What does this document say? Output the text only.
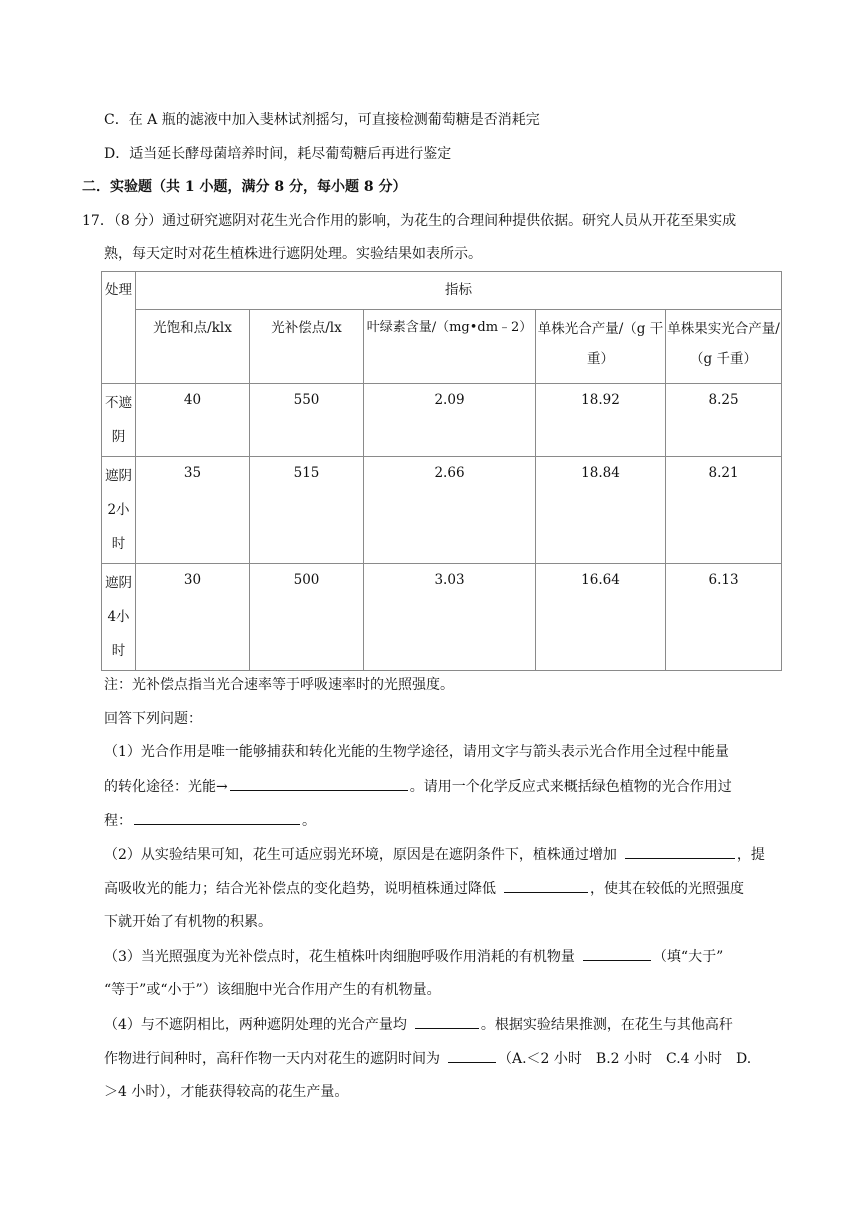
C．在 A 瓶的滤液中加入斐林试剂摇匀，可直接检测葡萄糖是否消耗完
D．适当延长酵母菌培养时间，耗尽葡萄糖后再进行鉴定
二．实验题（共 1 小题，满分 8 分，每小题 8 分）
17．（8 分）通过研究遮阴对花生光合作用的影响，为花生的合理间种提供依据。研究人员从开花至果实成
熟，每天定时对花生植株进行遮阴处理。实验结果如表所示。
处理	指标				
	光饱和点/klx	光补偿点/lx	叶绿素含量/（mg•dm﹣2）	单株光合产量/（g 干重）	单株果实光合产量/（g 千重）
不遮阴	40	550	2.09	18.92	8.25
遮阴2小时	35	515	2.66	18.84	8.21
遮阴4小时	30	500	3.03	16.64	6.13
注：光补偿点指当光合速率等于呼吸速率时的光照强度。
回答下列问题：
（1）光合作用是唯一能够捕获和转化光能的生物学途径，请用文字与箭头表示光合作用全过程中能量
的转化途径：光能→	。请用一个化学反应式来概括绿色植物的光合作用过
程：	。
（2）从实验结果可知，花生可适应弱光环境，原因是在遮阴条件下，植株通过增加	，提
高吸收光的能力；结合光补偿点的变化趋势，说明植株通过降低	，使其在较低的光照强度
下就开始了有机物的积累。
（3）当光照强度为光补偿点时，花生植株叶肉细胞呼吸作用消耗的有机物量	（填“大于”
“等于”或“小于”）该细胞中光合作用产生的有机物量。
（4）与不遮阴相比，两种遮阴处理的光合产量均	。根据实验结果推测，在花生与其他高秆
作物进行间种时，高秆作物一天内对花生的遮阴时间为	（A.＜2 小时　B.2 小时　C.4 小时　D.
＞4 小时），才能获得较高的花生产量。
